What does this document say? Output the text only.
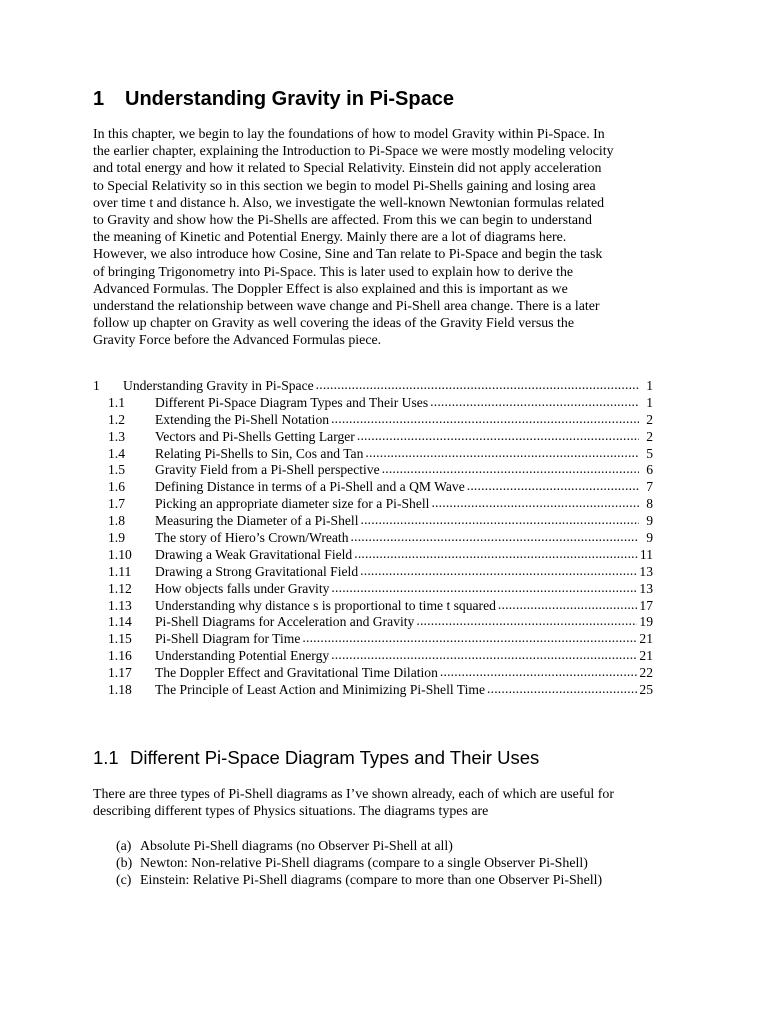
1 Understanding Gravity in Pi-Space
In this chapter, we begin to lay the foundations of how to model Gravity within Pi-Space. In
the earlier chapter, explaining the Introduction to Pi-Space we were mostly modeling velocity
and total energy and how it related to Special Relativity. Einstein did not apply acceleration
to Special Relativity so in this section we begin to model Pi-Shells gaining and losing area
over time t and distance h. Also, we investigate the well-known Newtonian formulas related
to Gravity and show how the Pi-Shells are affected. From this we can begin to understand
the meaning of Kinetic and Potential Energy. Mainly there are a lot of diagrams here.
However, we also introduce how Cosine, Sine and Tan relate to Pi-Space and begin the task
of bringing Trigonometry into Pi-Space. This is later used to explain how to derive the
Advanced Formulas. The Doppler Effect is also explained and this is important as we
understand the relationship between wave change and Pi-Shell area change. There is a later
follow up chapter on Gravity as well covering the ideas of the Gravity Field versus the
Gravity Force before the Advanced Formulas piece.
1	Understanding Gravity in Pi-Space . . .	1
1.1	Different Pi-Space Diagram Types and Their Uses . . .	1
1.2	Extending the Pi-Shell Notation . . .	2
1.3	Vectors and Pi-Shells Getting Larger . . .	2
1.4	Relating Pi-Shells to Sin, Cos and Tan . . .	5
1.5	Gravity Field from a Pi-Shell perspective . . .	6
1.6	Defining Distance in terms of a Pi-Shell and a QM Wave . . .	7
1.7	Picking an appropriate diameter size for a Pi-Shell . . .	8
1.8	Measuring the Diameter of a Pi-Shell . . .	9
1.9	The story of Hiero’s Crown/Wreath . . .	9
1.10	Drawing a Weak Gravitational Field . . .	11
1.11	Drawing a Strong Gravitational Field . . .	13
1.12	How objects falls under Gravity . . .	13
1.13	Understanding why distance s is proportional to time t squared . . .	17
1.14	Pi-Shell Diagrams for Acceleration and Gravity . . .	19
1.15	Pi-Shell Diagram for Time . . .	21
1.16	Understanding Potential Energy . . .	21
1.17	The Doppler Effect and Gravitational Time Dilation . . .	22
1.18	The Principle of Least Action and Minimizing Pi-Shell Time . . .	25
1.1 Different Pi-Space Diagram Types and Their Uses
There are three types of Pi-Shell diagrams as I’ve shown already, each of which are useful for
describing different types of Physics situations. The diagrams types are
(a) Absolute Pi-Shell diagrams (no Observer Pi-Shell at all)
(b) Newton: Non-relative Pi-Shell diagrams (compare to a single Observer Pi-Shell)
(c) Einstein: Relative Pi-Shell diagrams (compare to more than one Observer Pi-Shell)
